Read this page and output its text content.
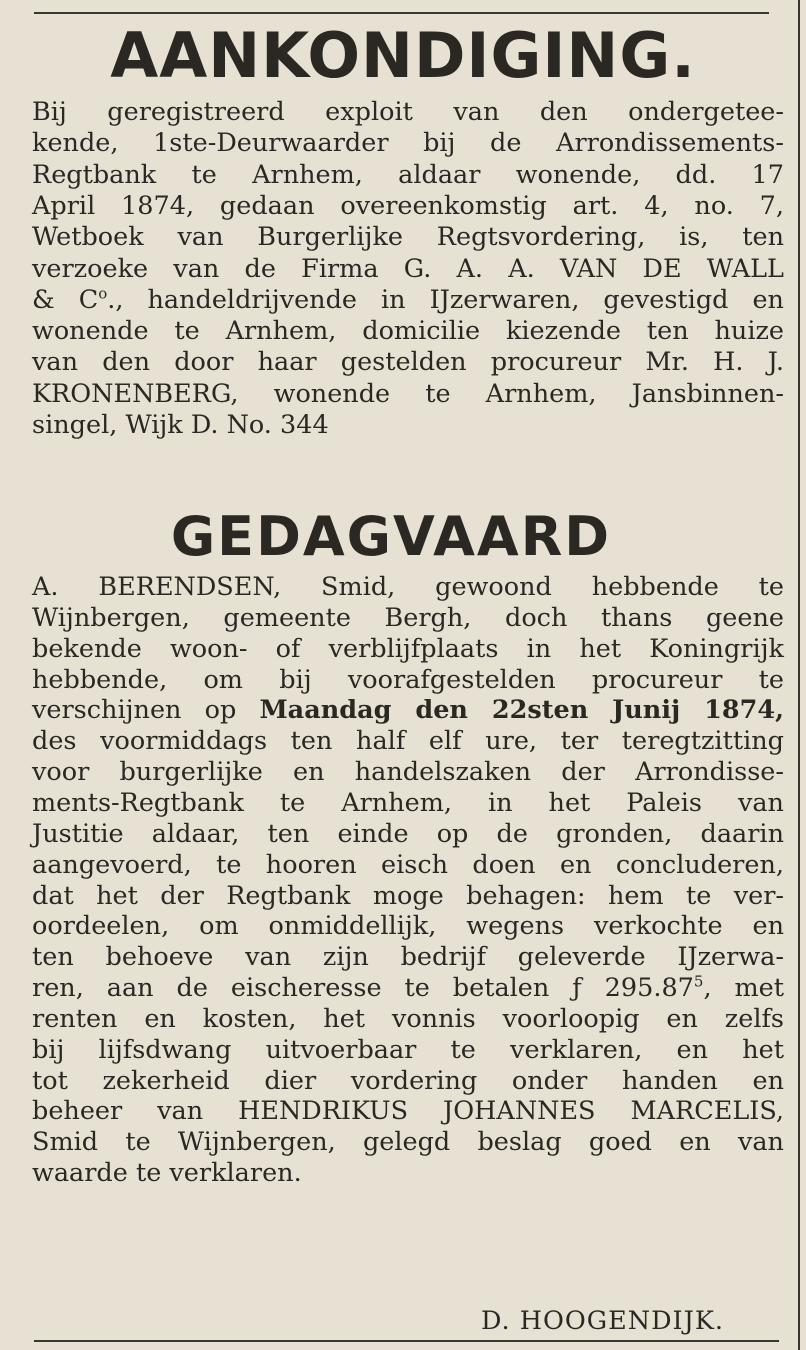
AANKONDIGING.
Bij geregistreerd exploit van den ondergetee-
kende, 1ste-Deurwaarder bij de Arrondissements-
Regtbank te Arnhem, aldaar wonende, dd. 17
April 1874, gedaan overeenkomstig art. 4, no. 7,
Wetboek van Burgerlijke Regtsvordering, is, ten
verzoeke van de Firma G. A. A. VAN DE WALL
& $C^o$., handeldrijvende in IJzerwaren, gevestigd en
wonende te Arnhem, domicilie kiezende ten huize
van den door haar gestelden procureur Mr. H. J.
KRONENBERG, wonende te Arnhem, Jansbinnen-
singel, Wijk D. No. 344
A. BERENDSEN, Smid, gewoond hebbende te
Wijnbergen, gemeente Bergh, doch thans geene
bekende woon- of verblijfplaats in het Koningrijk
hebbende, om bij voorafgestelden procureur te
verschijnen op Maandag den 22sten Junij 1874,
des voormiddags ten half elf ure, ter teregtzitting
voor burgerlijke en handelszaken der Arrondisse-
ments-Regtbank te Arnhem, in het Paleis van
Justitie aldaar, ten einde op de gronden, daarin
aangevoerd, te hooren eisch doen en concluderen,
dat het der Regtbank moge behagen: hem te ver-
oordeelen, om onmiddellijk, wegens verkochte en
ten behoeve van zijn bedrijf geleverde IJzerwa-
ren, aan de eischeresse te betalen ƒ 295.87$^5$, met
renten en kosten, het vonnis voorloopig en zelfs
bij lijfsdwang uitvoerbaar te verklaren, en het
tot zekerheid dier vordering onder handen en
beheer van HENDRIKUS JOHANNES MARCELIS,
Smid te Wijnbergen, gelegd beslag goed en van
waarde te verklaren.
GEDAGVAARD
D. HOOGENDIJK.
